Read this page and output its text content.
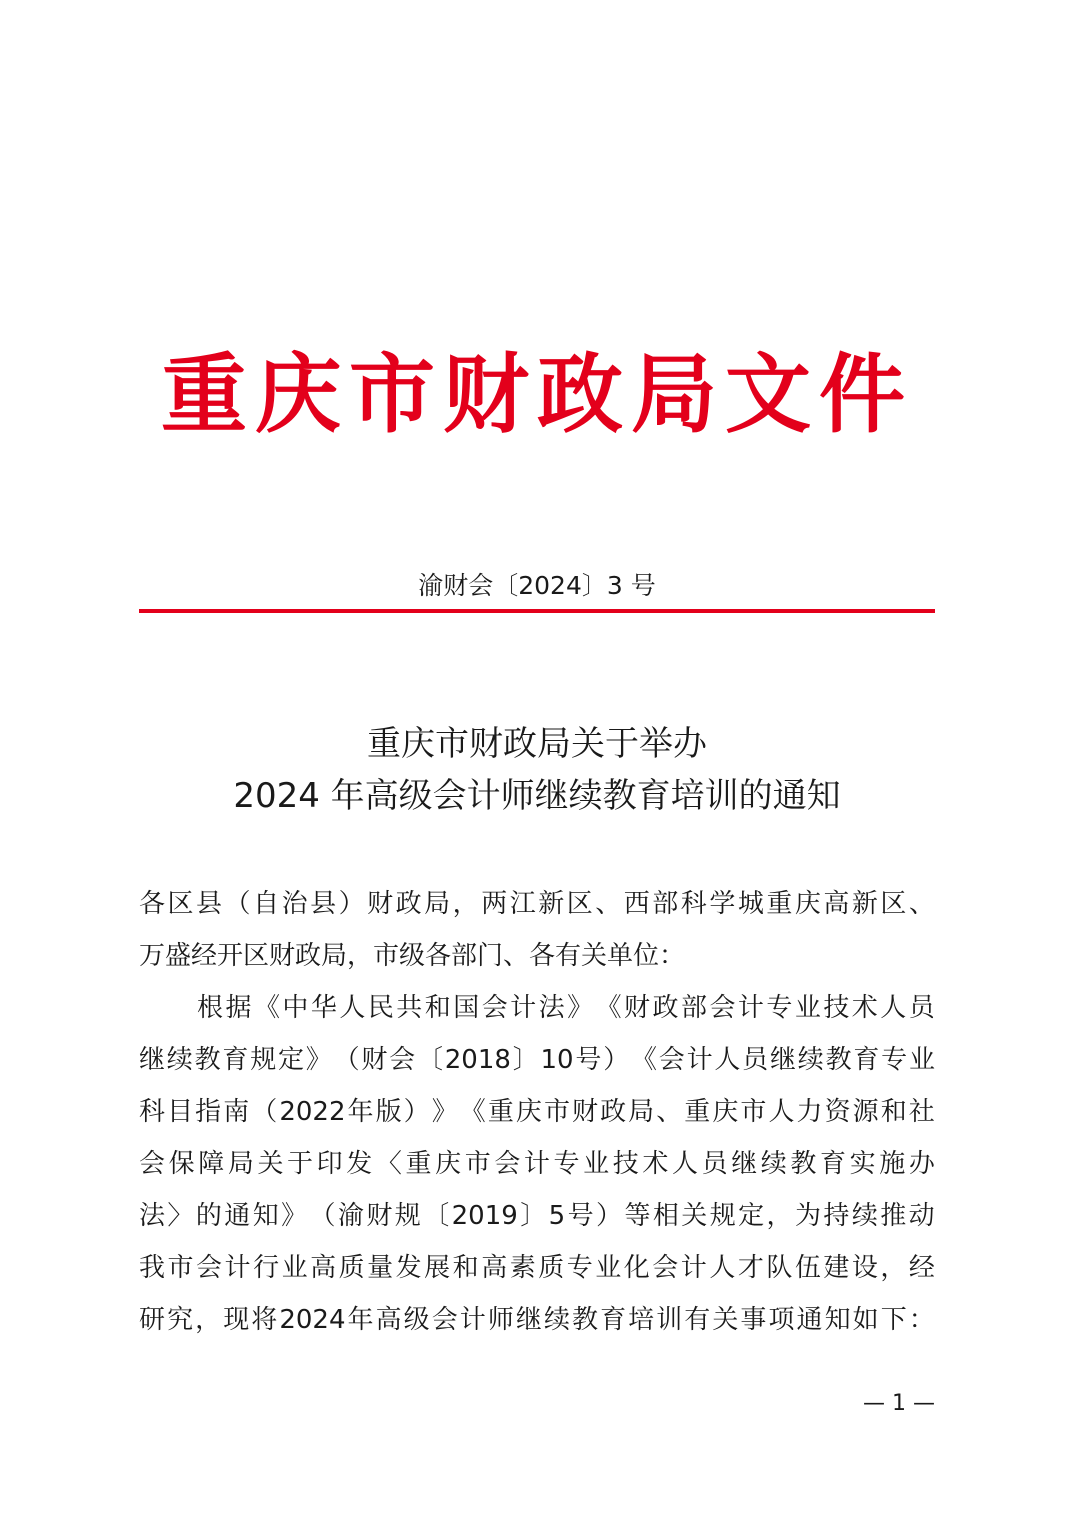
重庆市财政局文件
渝财会〔2024〕3 号
重庆市财政局关于举办
2024 年高级会计师继续教育培训的通知
各 区 县 （ 自 治 县 ） 财 政 局 ， 两 江 新 区 、 西 部 科 学 城 重 庆 高 新 区 、
万盛经开区财政局，市级各部门、各有关单位：
根 据 《 中 华 人 民 共 和 国 会 计 法 》 《 财 政 部 会 计 专 业 技 术 人 员
继 续 教 育 规 定 》 （ 财 会 〔 2018 〕 10 号 ） 《 会 计 人 员 继 续 教 育 专 业
科 目 指 南 （ 2022 年 版 ） 》 《 重 庆 市 财 政 局 、 重 庆 市 人 力 资 源 和 社
会 保 障 局 关 于 印 发 〈 重 庆 市 会 计 专 业 技 术 人 员 继 续 教 育 实 施 办
法 〉 的 通 知 》 （ 渝 财 规 〔 2019 〕 5 号 ） 等 相 关 规 定 ， 为 持 续 推 动
我 市 会 计 行 业 高 质 量 发 展 和 高 素 质 专 业 化 会 计 人 才 队 伍 建 设 ， 经
研 究 ， 现 将 2024 年 高 级 会 计 师 继 续 教 育 培 训 有 关 事 项 通 知 如 下 ：
— 1 —
